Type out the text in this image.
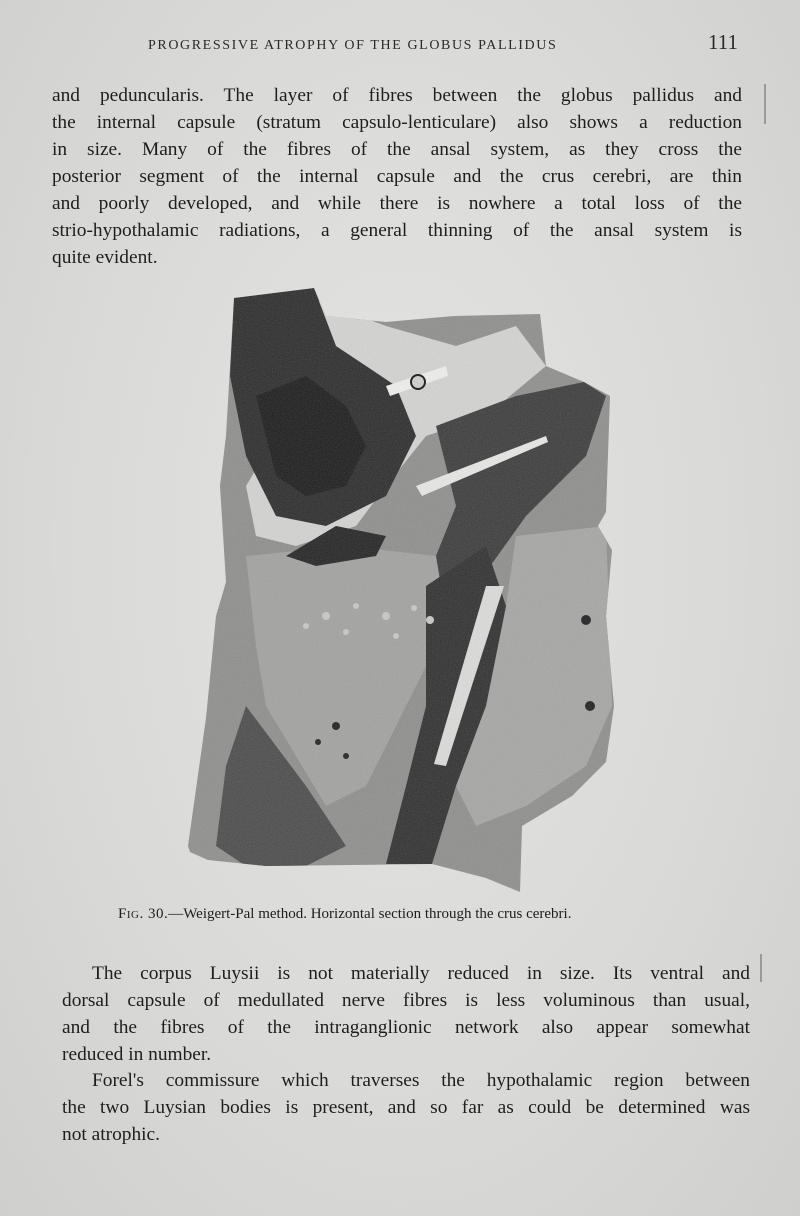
PROGRESSIVE ATROPHY OF THE GLOBUS PALLIDUS	111
and peduncularis. The layer of fibres between the globus pallidus and
the internal capsule (stratum capsulo-lenticulare) also shows a reduction
in size. Many of the fibres of the ansal system, as they cross the
posterior segment of the internal capsule and the crus cerebri, are thin
and poorly developed, and while there is nowhere a total loss of the
strio-hypothalamic radiations, a general thinning of the ansal system is
quite evident.
Fig. 30.—Weigert-Pal method. Horizontal section through the crus cerebri.
The corpus Luysii is not materially reduced in size. Its ventral and
dorsal capsule of medullated nerve fibres is less voluminous than usual,
and the fibres of the intraganglionic network also appear somewhat
reduced in number.
Forel's commissure which traverses the hypothalamic region between
the two Luysian bodies is present, and so far as could be determined was
not atrophic.
